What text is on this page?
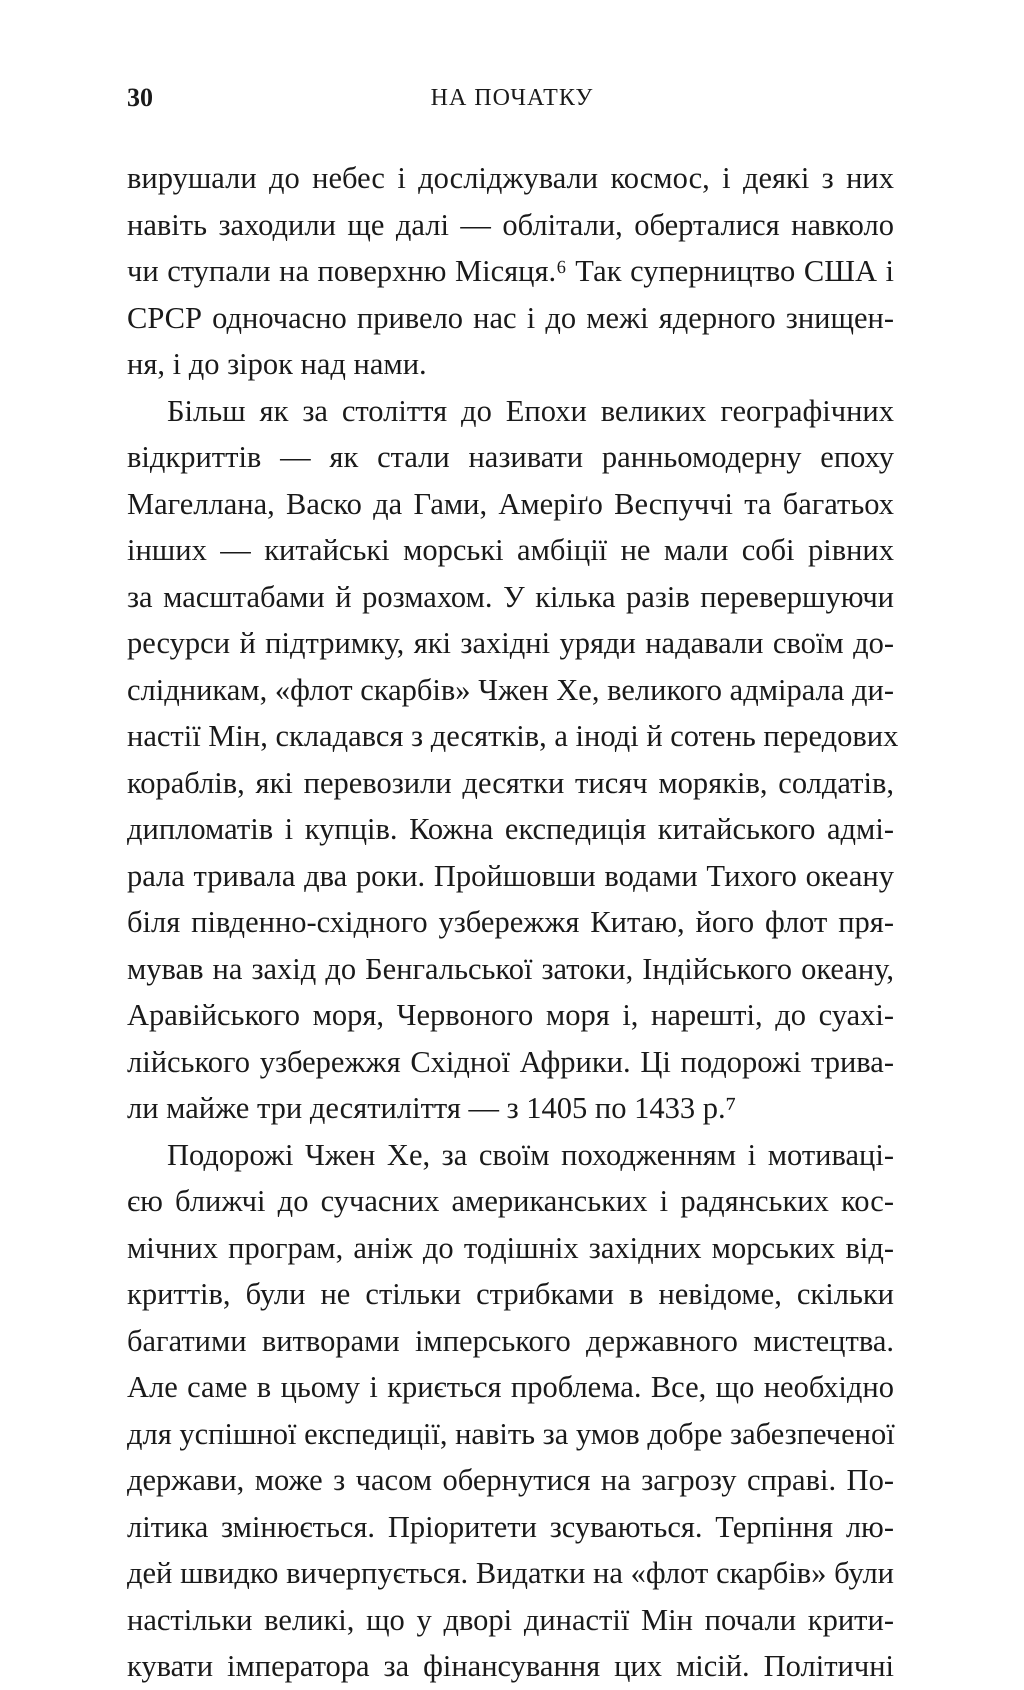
30	НА ПОЧАТКУ
вирушали до небес і досліджували космос, і деякі з них
навіть заходили ще далі — облітали, оберталися навколо
чи ступали на поверхню Місяця.⁶ Так суперництво США і
СРСР одночасно привело нас і до межі ядерного знищен-
ня, і до зірок над нами.
Більш як за століття до Епохи великих географічних
відкриттів — як стали називати ранньомодерну епоху
Магеллана, Васко да Гами, Амеріґо Веспуччі та багатьох
інших — китайські морські амбіції не мали собі рівних
за масштабами й розмахом. У кілька разів перевершуючи
ресурси й підтримку, які західні уряди надавали своїм до-
слідникам, «флот скарбів» Чжен Хе, великого адмірала ди-
настії Мін, складався з десятків, а іноді й сотень передових
кораблів, які перевозили десятки тисяч моряків, солдатів,
дипломатів і купців. Кожна експедиція китайського адмі-
рала тривала два роки. Пройшовши водами Тихого океану
біля південно-східного узбережжя Китаю, його флот пря-
мував на захід до Бенгальської затоки, Індійського океану,
Аравійського моря, Червоного моря і, нарешті, до суахі-
лійського узбережжя Східної Африки. Ці подорожі трива-
ли майже три десятиліття — з 1405 по 1433 р.⁷
Подорожі Чжен Хе, за своїм походженням і мотиваці-
єю ближчі до сучасних американських і радянських кос-
мічних програм, аніж до тодішніх західних морських від-
криттів, були не стільки стрибками в невідоме, скільки
багатими витворами імперського державного мистецтва.
Але саме в цьому і криється проблема. Все, що необхідно
для успішної експедиції, навіть за умов добре забезпеченої
держави, може з часом обернутися на загрозу справі. По-
літика змінюється. Пріоритети зсуваються. Терпіння лю-
дей швидко вичерпується. Видатки на «флот скарбів» були
настільки великі, що у дворі династії Мін почали крити-
кувати імператора за фінансування цих місій. Політичні
